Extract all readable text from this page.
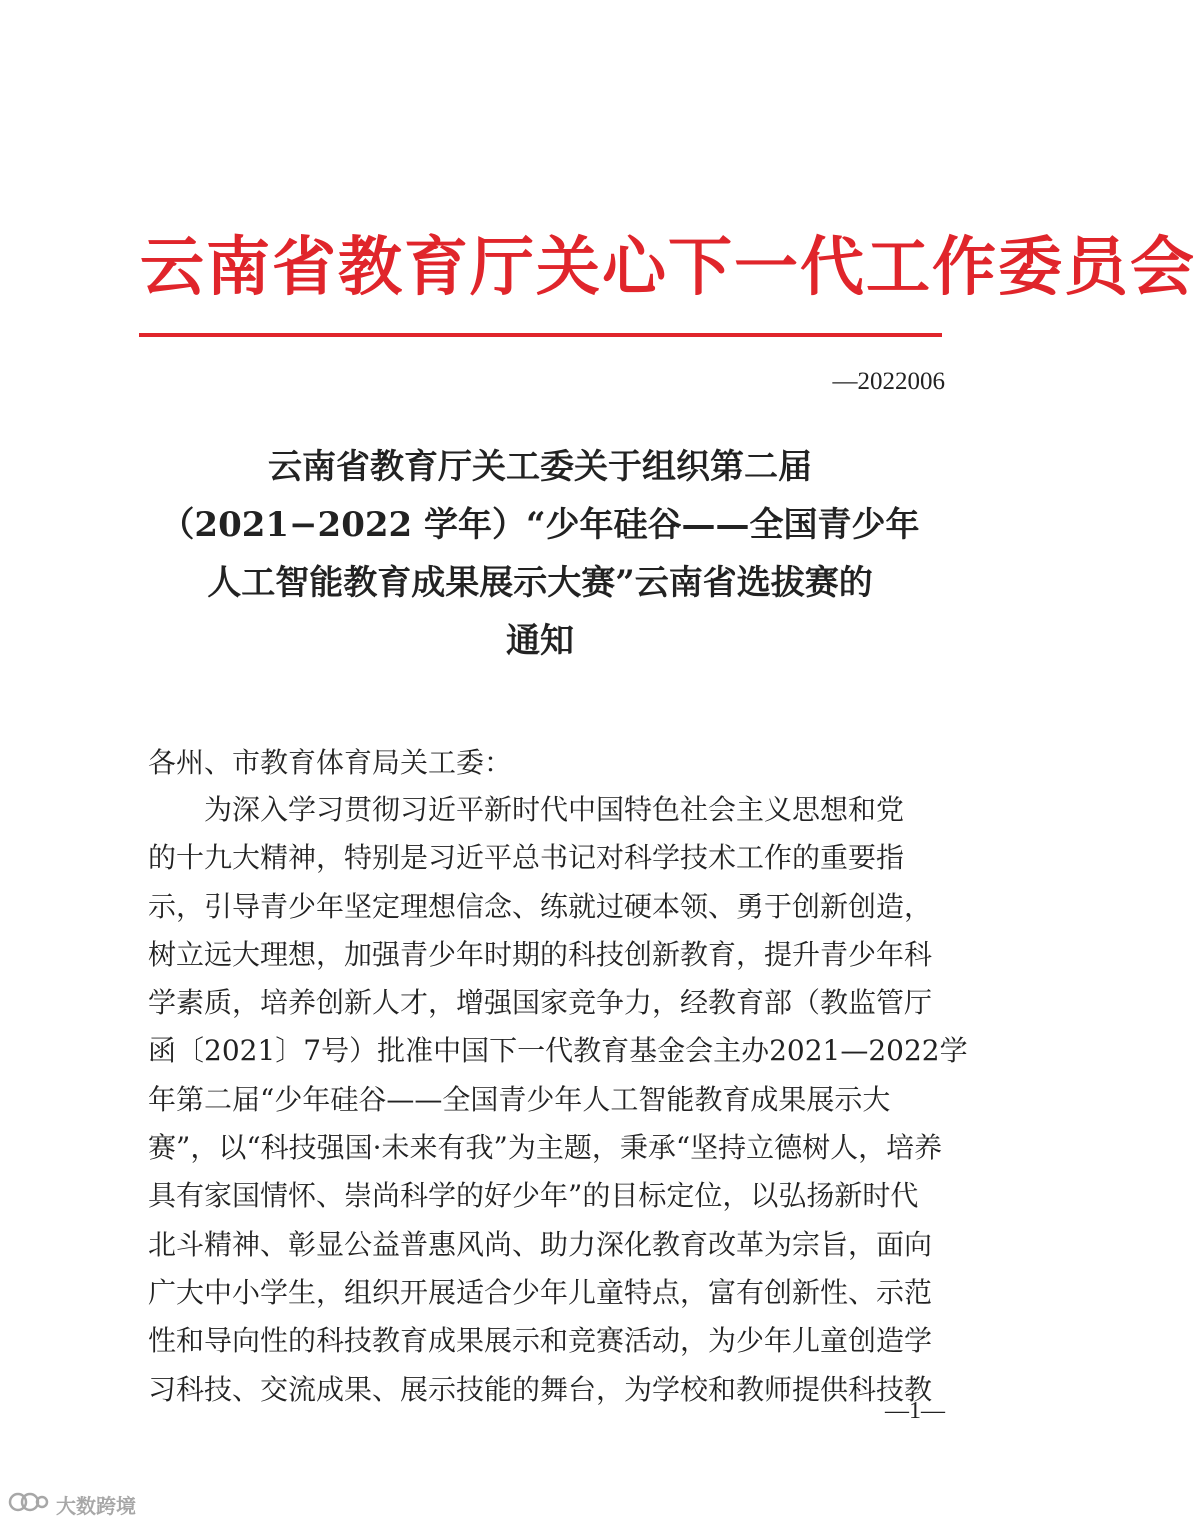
云南省教育厅关心下一代工作委员会
—2022006
云南省教育厅关工委关于组织第二届
（2021−2022 学年）“少年硅谷——全国青少年
人工智能教育成果展示大赛”云南省选拔赛的
通知

各州、市教育体育局关工委：

　　为深入学习贯彻习近平新时代中国特色社会主义思想和党
的十九大精神，特别是习近平总书记对科学技术工作的重要指
示，引导青少年坚定理想信念、练就过硬本领、勇于创新创造，
树立远大理想，加强青少年时期的科技创新教育，提升青少年科
学素质，培养创新人才，增强国家竞争力，经教育部（教监管厅
函〔2021〕7号）批准中国下一代教育基金会主办2021—2022学
年第二届“少年硅谷——全国青少年人工智能教育成果展示大
赛”，以“科技强国·未来有我”为主题，秉承“坚持立德树人，培养
具有家国情怀、崇尚科学的好少年”的目标定位，以弘扬新时代
北斗精神、彰显公益普惠风尚、助力深化教育改革为宗旨，面向
广大中小学生，组织开展适合少年儿童特点，富有创新性、示范
性和导向性的科技教育成果展示和竞赛活动，为少年儿童创造学
习科技、交流成果、展示技能的舞台，为学校和教师提供科技教

—1—
大数跨境
